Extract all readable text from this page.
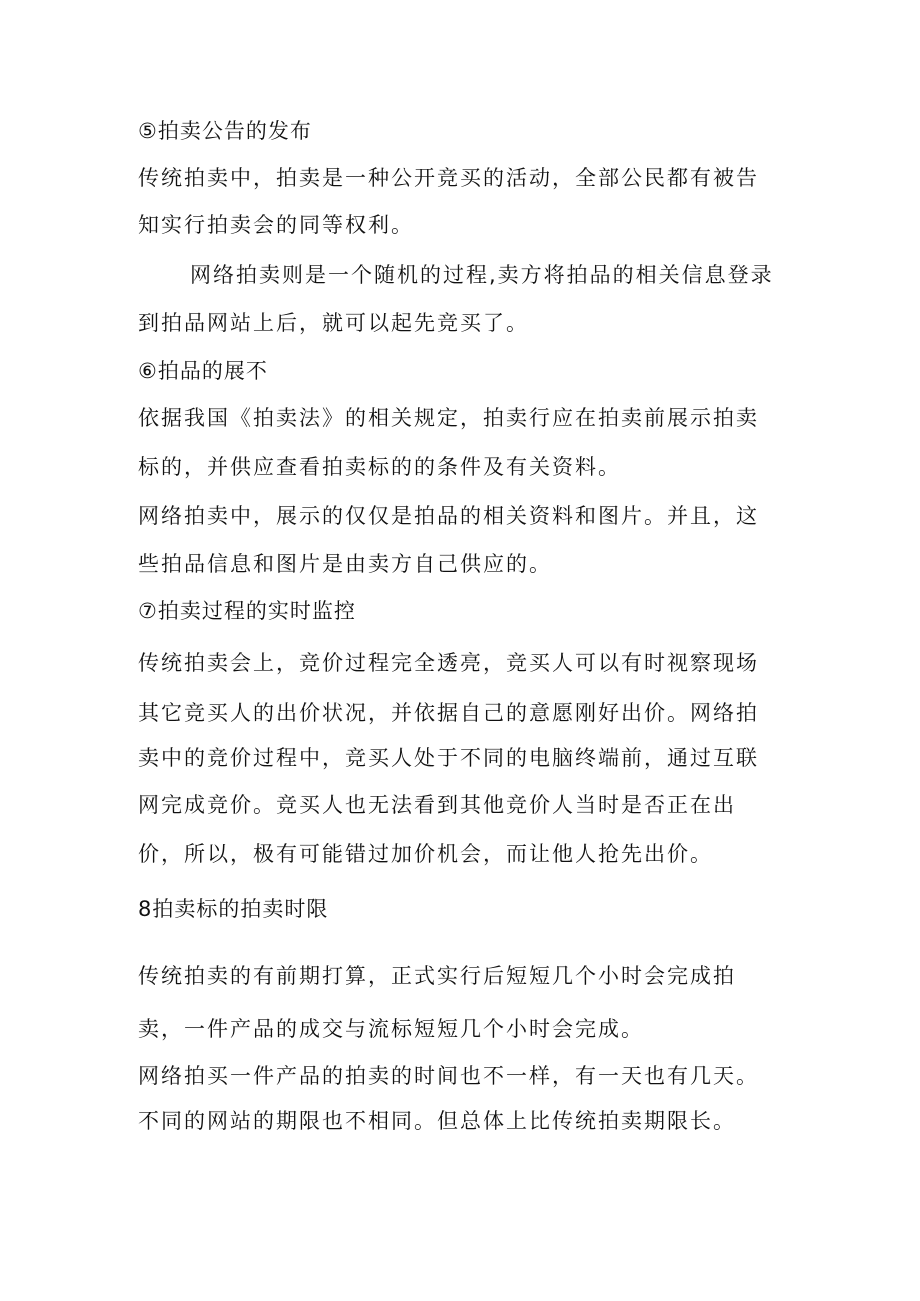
⑤拍卖公告的发布
传统拍卖中，拍卖是一种公开竞买的活动，全部公民都有被告
知实行拍卖会的同等权利。
网络拍卖则是一个随机的过程,卖方将拍品的相关信息登录
到拍品网站上后，就可以起先竞买了。
⑥拍品的展不
依据我国《拍卖法》的相关规定，拍卖行应在拍卖前展示拍卖
标的，并供应查看拍卖标的的条件及有关资料。
网络拍卖中，展示的仅仅是拍品的相关资料和图片。并且，这
些拍品信息和图片是由卖方自己供应的。
⑦拍卖过程的实时监控
传统拍卖会上，竞价过程完全透亮，竞买人可以有时视察现场
其它竞买人的出价状况，并依据自己的意愿刚好出价。网络拍
卖中的竞价过程中，竞买人处于不同的电脑终端前，通过互联
网完成竞价。竞买人也无法看到其他竞价人当时是否正在出
价，所以，极有可能错过加价机会，而让他人抢先出价。
8拍卖标的拍卖时限
传统拍卖的有前期打算，正式实行后短短几个小时会完成拍
卖，一件产品的成交与流标短短几个小时会完成。
网络拍买一件产品的拍卖的时间也不一样，有一天也有几天。
不同的网站的期限也不相同。但总体上比传统拍卖期限长。
